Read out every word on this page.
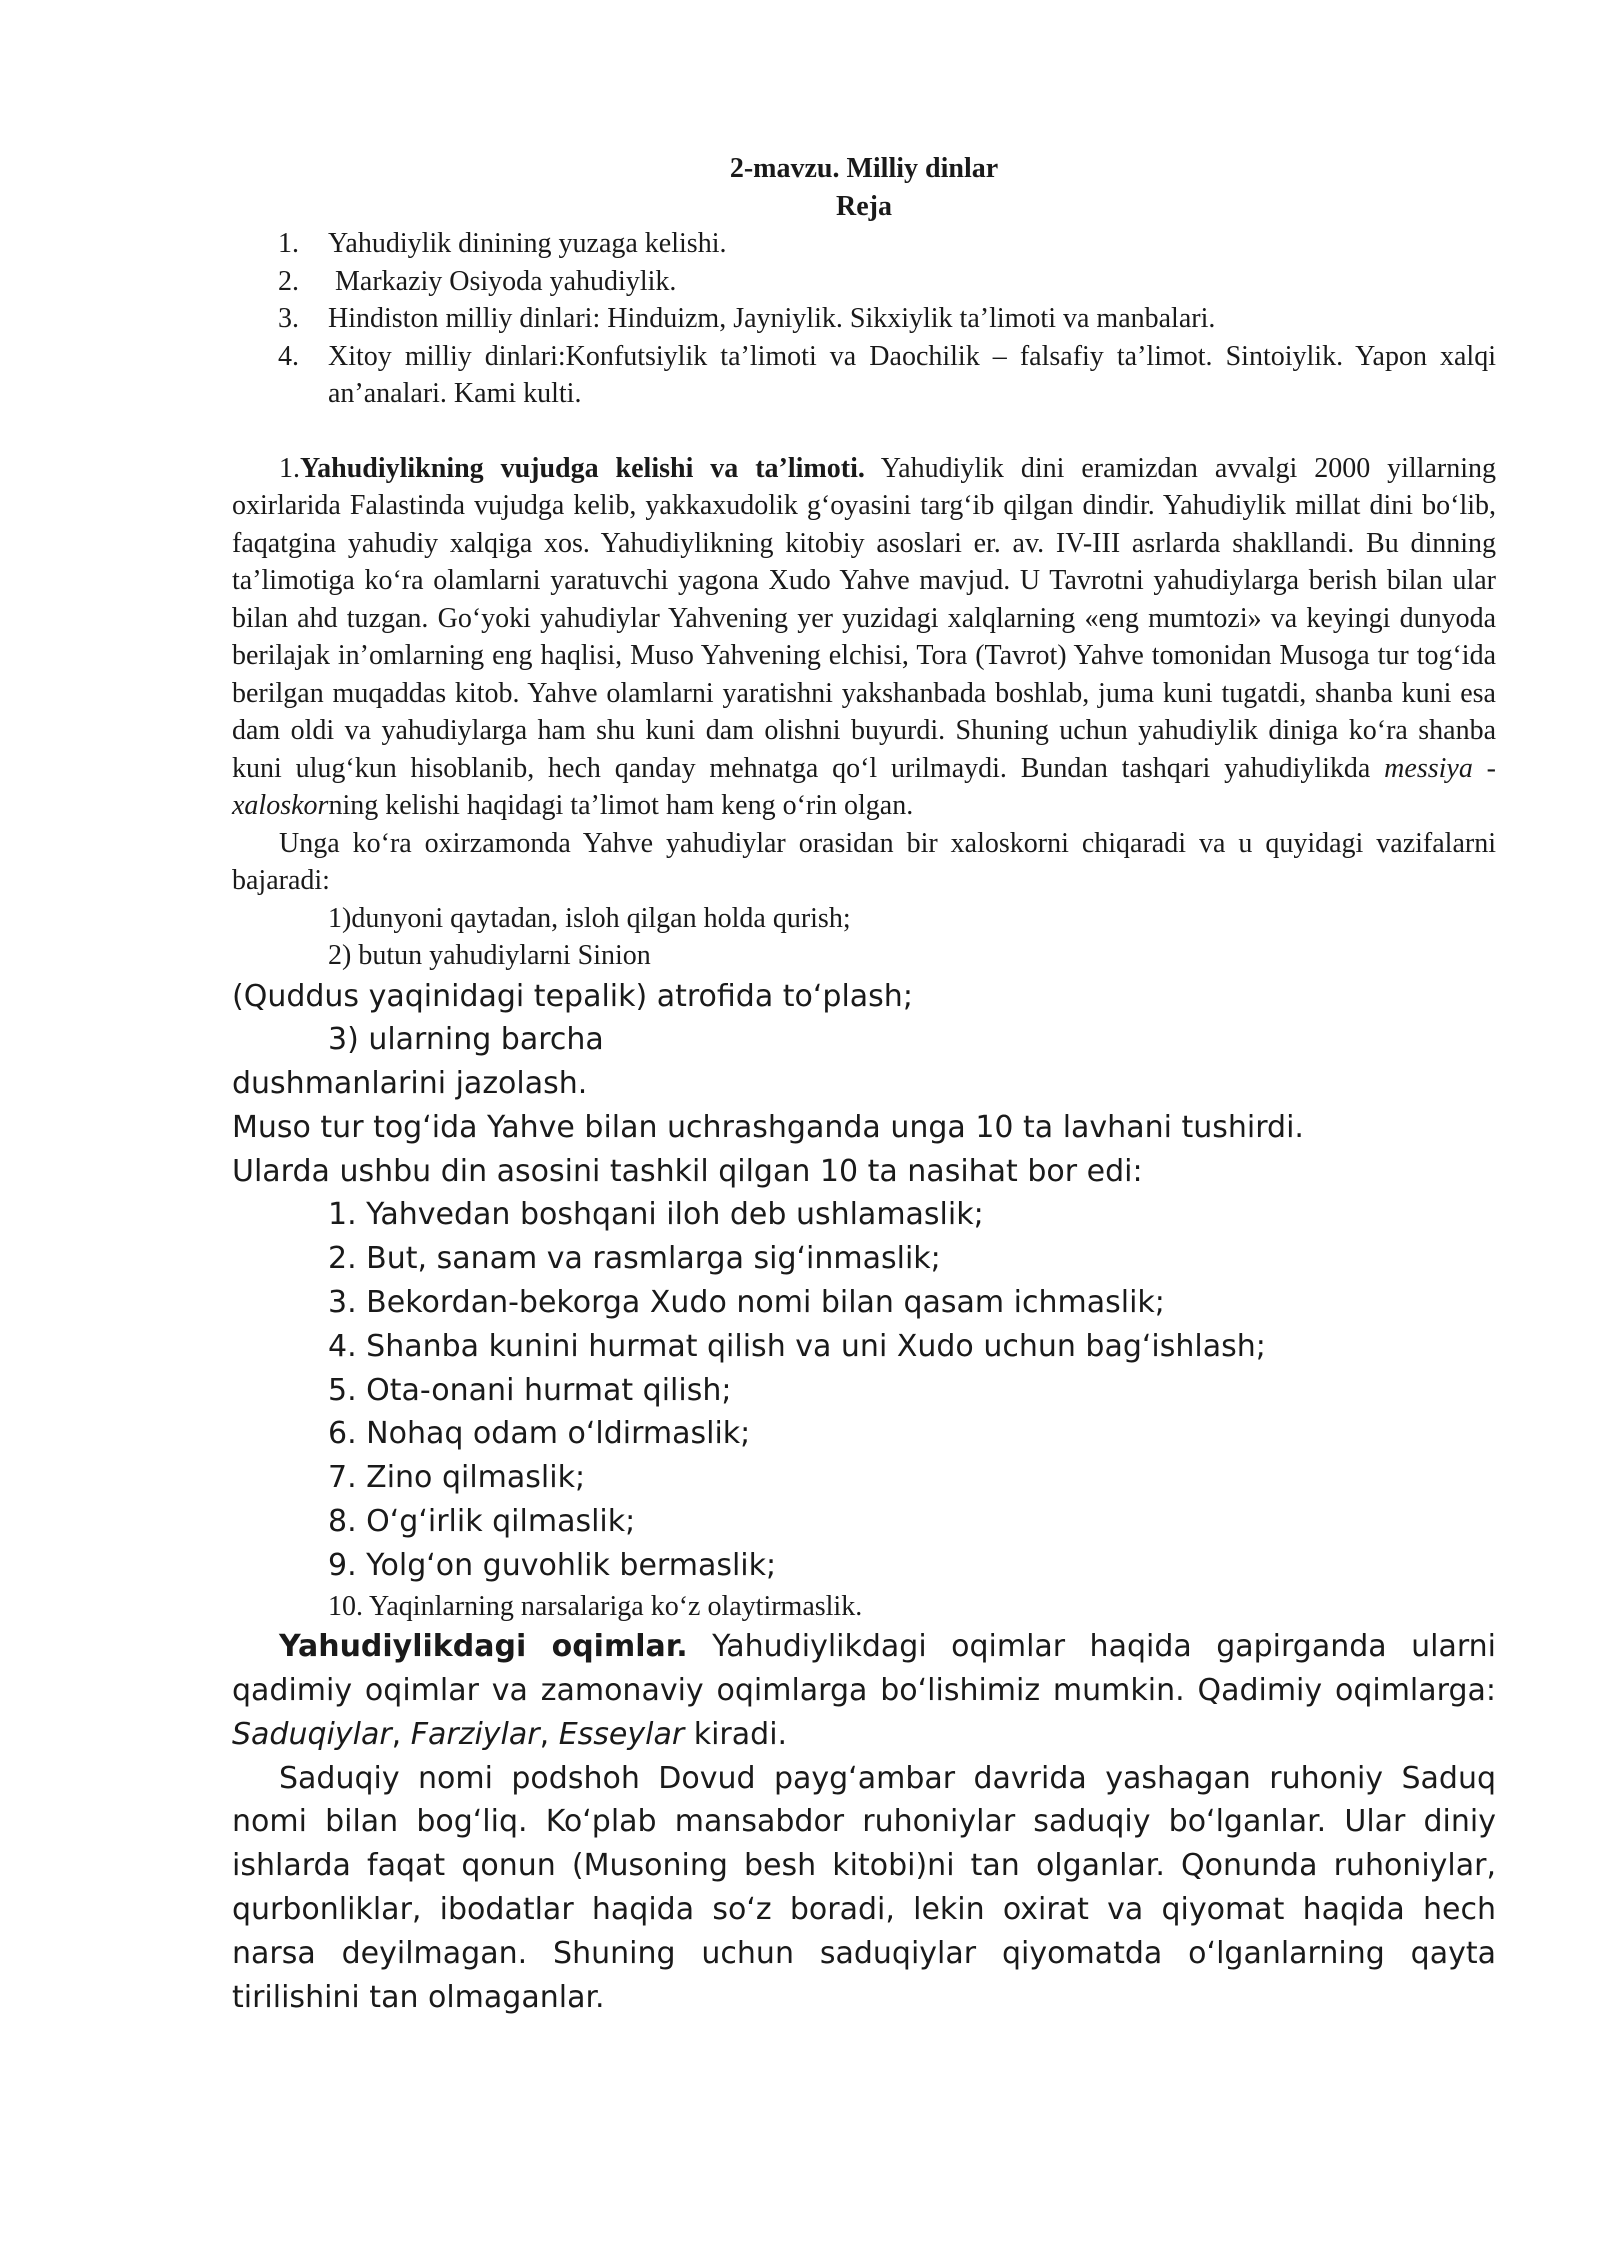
2-mavzu. Milliy dinlar
Reja
1.	Yahudiylik dinining yuzaga kelishi.
2.	Markaziy Osiyoda yahudiylik.
3.	Hindiston milliy dinlari: Hinduizm, Jayniylik. Sikxiylik ta’limoti va manbalari.
4.	Xitoy milliy dinlari:Konfutsiylik ta’limoti va Daochilik – falsafiy ta’limot. Sintoiylik. Yapon xalqi an’analari. Kami kulti.

1.Yahudiylikning vujudga kelishi va ta’limoti. Yahudiylik dini eramizdan avvalgi 2000 yillarning oxirlarida Falastinda vujudga kelib, yakkaxudolik g‘oyasini targ‘ib qilgan dindir. Yahudiylik millat dini bo‘lib, faqatgina yahudiy xalqiga xos. Yahudiylikning kitobiy asoslari er. av. IV-III asrlarda shakllandi. Bu dinning ta’limotiga ko‘ra olamlarni yaratuvchi yagona Xudo Yahve mavjud. U Tavrotni yahudiylarga berish bilan ular bilan ahd tuzgan. Go‘yoki yahudiylar Yahvening yer yuzidagi xalqlarning «eng mumtozi» va keyingi dunyoda berilajak in’omlarning eng haqlisi, Muso Yahvening elchisi, Tora (Tavrot) Yahve tomonidan Musoga tur tog‘ida berilgan muqaddas kitob. Yahve olamlarni yaratishni yakshanbada boshlab, juma kuni tugatdi, shanba kuni esa dam oldi va yahudiylarga ham shu kuni dam olishni buyurdi. Shuning uchun yahudiylik diniga ko‘ra shanba kuni ulug‘kun hisoblanib, hech qanday mehnatga qo‘l urilmaydi. Bundan tashqari yahudiylikda messiya - xaloskorning kelishi haqidagi ta’limot ham keng o‘rin olgan.

Unga ko‘ra oxirzamonda Yahve yahudiylar orasidan bir xaloskorni chiqaradi va u quyidagi vazifalarni bajaradi:

1)dunyoni qaytadan, isloh qilgan holda qurish;

2) butun yahudiylarni Sinion

(Quddus yaqinidagi tepalik) atrofida to‘plash;

3) ularning barcha

dushmanlarini jazolash.

Muso tur tog‘ida Yahve bilan uchrashganda unga 10 ta lavhani tushirdi.

Ularda ushbu din asosini tashkil qilgan 10 ta nasihat bor edi:

1. Yahvedan boshqani iloh deb ushlamaslik;

2. But, sanam va rasmlarga sig‘inmaslik;

3. Bekordan-bekorga Xudo nomi bilan qasam ichmaslik;

4. Shanba kunini hurmat qilish va uni Xudo uchun bag‘ishlash;

5. Ota-onani hurmat qilish;

6. Nohaq odam o‘ldirmaslik;

7. Zino qilmaslik;

8. O‘g‘irlik qilmaslik;

9. Yolg‘on guvohlik bermaslik;

10. Yaqinlarning narsalariga ko‘z olaytirmaslik.

Yahudiylikdagi oqimlar. Yahudiylikdagi oqimlar haqida gapirganda ularni qadimiy oqimlar va zamonaviy oqimlarga bo‘lishimiz mumkin. Qadimiy oqimlarga: Saduqiylar, Farziylar, Esseylar kiradi.

Saduqiy nomi podshoh Dovud payg‘ambar davrida yashagan ruhoniy Saduq nomi bilan bog‘liq. Ko‘plab mansabdor ruhoniylar saduqiy bo‘lganlar. Ular diniy ishlarda faqat qonun (Musoning besh kitobi)ni tan olganlar. Qonunda ruhoniylar, qurbonliklar, ibodatlar haqida so‘z boradi, lekin oxirat va qiyomat haqida hech narsa deyilmagan. Shuning uchun saduqiylar qiyomatda o‘lganlarning qayta tirilishini tan olmaganlar.
